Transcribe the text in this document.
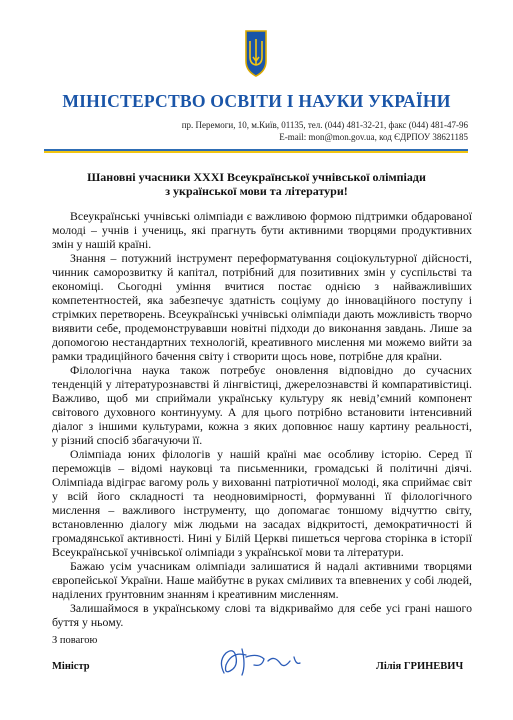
МІНІСТЕРСТВО ОСВІТИ І НАУКИ УКРАЇНИ
пр. Перемоги, 10, м.Київ, 01135, тел. (044) 481-32-21, факс (044) 481-47-96
E-mail: mon@mon.gov.ua, код ЄДРПОУ 38621185
Шановні учасники ХХХІ Всеукраїнської учнівської олімпіади
з української мови та літератури!
Всеукраїнські учнівські олімпіади є важливою формою підтримки обдарованої
молоді – учнів і учениць, які прагнуть бути активними творцями продуктивних
змін у нашій країні.
Знання – потужний інструмент переформатування соціокультурної дійсності,
чинник саморозвитку й капітал, потрібний для позитивних змін у суспільстві та
економіці. Сьогодні уміння вчитися постає однією з найважливіших
компетентностей, яка забезпечує здатність соціуму до інноваційного поступу і
стрімких перетворень. Всеукраїнські учнівські олімпіади дають можливість творчо
виявити себе, продемонструвавши новітні підходи до виконання завдань. Лише за
допомогою нестандартних технологій, креативного мислення ми можемо вийти за
рамки традиційного бачення світу і створити щось нове, потрібне для країни.
Філологічна наука також потребує оновлення відповідно до сучасних
тенденцій у літературознавстві й лінгвістиці, джерелознавстві й компаративістиці.
Важливо, щоб ми сприймали українську культуру як невід’ємний компонент
світового духовного континууму. А для цього потрібно встановити інтенсивний
діалог з іншими культурами, кожна з яких доповнює нашу картину реальності,
у різний спосіб збагачуючи її.
Олімпіада юних філологів у нашій країні має особливу історію. Серед її
переможців – відомі науковці та письменники, громадські й політичні діячі.
Олімпіада відіграє вагому роль у вихованні патріотичної молоді, яка сприймає світ
у всій його складності та неодновимірності, формуванні її філологічного
мислення – важливого інструменту, що допомагає тоншому відчуттю світу,
встановленню діалогу між людьми на засадах відкритості, демократичності й
громадянської активності. Нині у Білій Церкві пишеться чергова сторінка в історії
Всеукраїнської учнівської олімпіади з української мови та літератури.
Бажаю усім учасникам олімпіади залишатися й надалі активними творцями
європейської України. Наше майбутнє в руках сміливих та впевнених у собі людей,
наділених ґрунтовним знанням і креативним мисленням.
Залишаймося в українському слові та відкриваймо для себе усі грані нашого
буття у ньому.
З повагою
Міністр	Лілія ГРИНЕВИЧ
